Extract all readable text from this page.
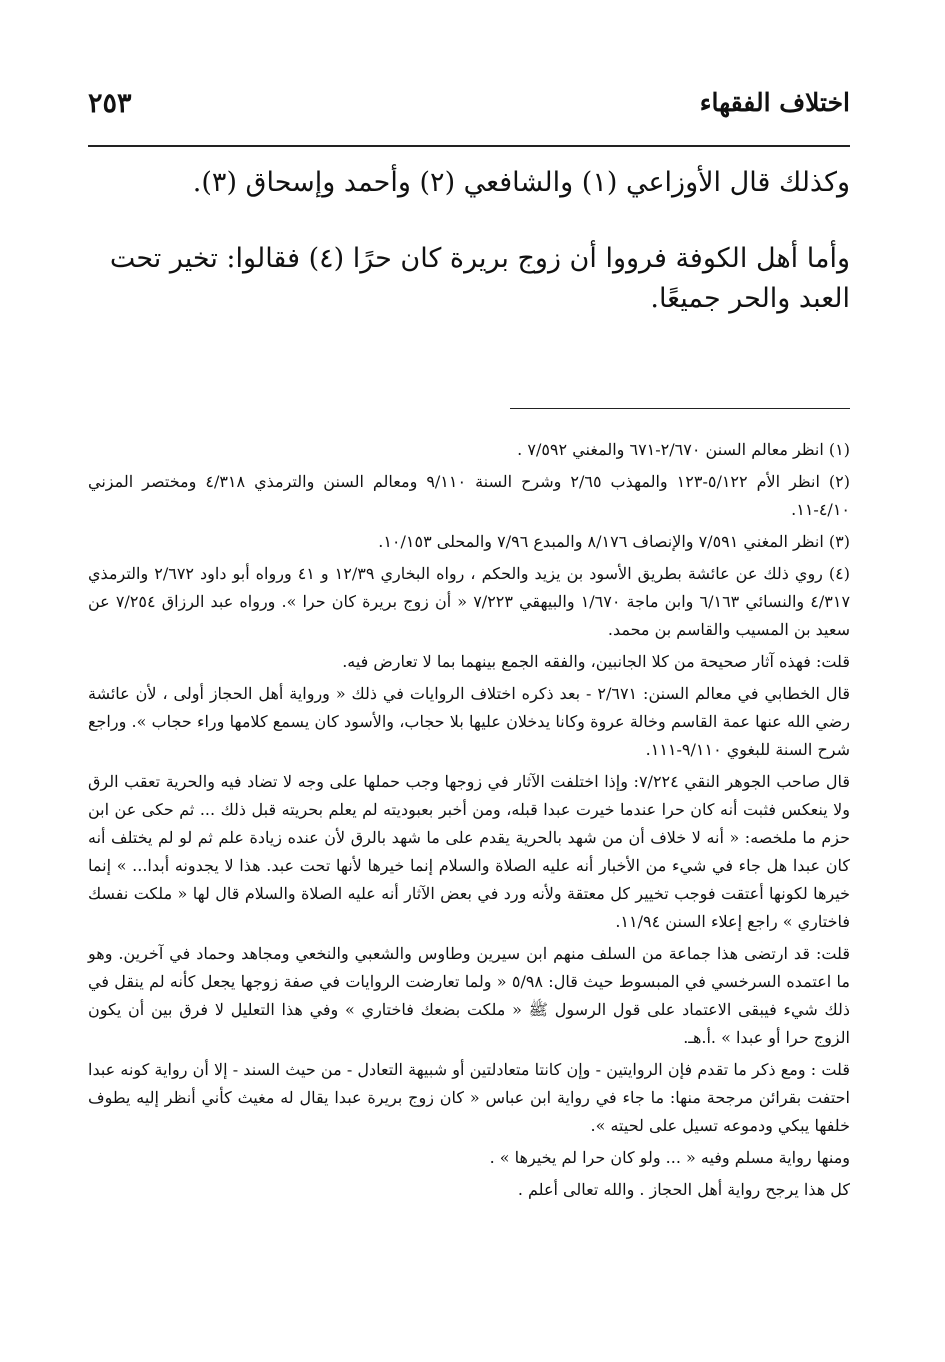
اختلاف الفقهاء
٢٥٣

وكذلك قال الأوزاعي (١) والشافعي (٢) وأحمد وإسحاق (٣).

وأما أهل الكوفة فرووا أن زوج بريرة كان حرًا (٤) فقالوا: تخير تحت العبد والحر جميعًا.

(١) انظر معالم السنن ٢/٦٧٠-٦٧١ والمغني ٧/٥٩٢ .

(٢) انظر الأم ٥/١٢٢-١٢٣ والمهذب ٢/٦٥ وشرح السنة ٩/١١٠ ومعالم السنن والترمذي ٤/٣١٨ ومختصر المزني ٤/١٠-١١.

(٣) انظر المغني ٧/٥٩١ والإنصاف ٨/١٧٦ والمبدع ٧/٩٦ والمحلى ١٠/١٥٣.

(٤) روي ذلك عن عائشة بطريق الأسود بن يزيد والحكم ، رواه البخاري ١٢/٣٩ و ٤١ ورواه أبو داود ٢/٦٧٢ والترمذي ٤/٣١٧ والنسائي ٦/١٦٣ وابن ماجة ١/٦٧٠ والبيهقي ٧/٢٢٣ « أن زوج بريرة كان حرا ». ورواه عبد الرزاق ٧/٢٥٤ عن سعيد بن المسيب والقاسم بن محمد.

قلت: فهذه آثار صحيحة من كلا الجانبين، والفقه الجمع بينهما بما لا تعارض فيه.

قال الخطابي في معالم السنن: ٢/٦٧١ - بعد ذكره اختلاف الروايات في ذلك « ورواية أهل الحجاز أولى ، لأن عائشة رضي الله عنها عمة القاسم وخالة عروة وكانا يدخلان عليها بلا حجاب، والأسود كان يسمع كلامها وراء حجاب ». وراجع شرح السنة للبغوي ٩/١١٠-١١١.

قال صاحب الجوهر النقي ٧/٢٢٤: وإذا اختلفت الآثار في زوجها وجب حملها على وجه لا تضاد فيه والحرية تعقب الرق ولا ينعكس فثبت أنه كان حرا عندما خيرت عبدا قبله، ومن أخبر بعبوديته لم يعلم بحريته قبل ذلك ... ثم حكى عن ابن حزم ما ملخصه: « أنه لا خلاف أن من شهد بالحرية يقدم على ما شهد بالرق لأن عنده زيادة علم ثم لو لم يختلف أنه كان عبدا هل جاء في شيء من الأخبار أنه عليه الصلاة والسلام إنما خيرها لأنها تحت عبد. هذا لا يجدونه أبدا... » إنما خيرها لكونها أعتقت فوجب تخيير كل معتقة ولأنه ورد في بعض الآثار أنه عليه الصلاة والسلام قال لها « ملكت نفسك فاختاري » راجع إعلاء السنن ١١/٩٤.

قلت: قد ارتضى هذا جماعة من السلف منهم ابن سيرين وطاوس والشعبي والنخعي ومجاهد وحماد في آخرين. وهو ما اعتمده السرخسي في المبسوط حيث قال: ٥/٩٨ « ولما تعارضت الروايات في صفة زوجها يجعل كأنه لم ينقل في ذلك شيء فيبقى الاعتماد على قول الرسول ﷺ « ملكت بضعك فاختاري » وفي هذا التعليل لا فرق بين أن يكون الزوج حرا أو عبدا » .أ.هـ.

قلت : ومع ذكر ما تقدم فإن الروايتين - وإن كانتا متعادلتين أو شبيهة التعادل - من حيث السند - إلا أن رواية كونه عبدا احتفت بقرائن مرجحة منها: ما جاء في رواية ابن عباس « كان زوج بريرة عبدا يقال له مغيث كأني أنظر إليه يطوف خلفها يبكي ودموعه تسيل على لحيته ».

ومنها رواية مسلم وفيه « ... ولو كان حرا لم يخيرها » .

كل هذا يرجح رواية أهل الحجاز . والله تعالى أعلم .
